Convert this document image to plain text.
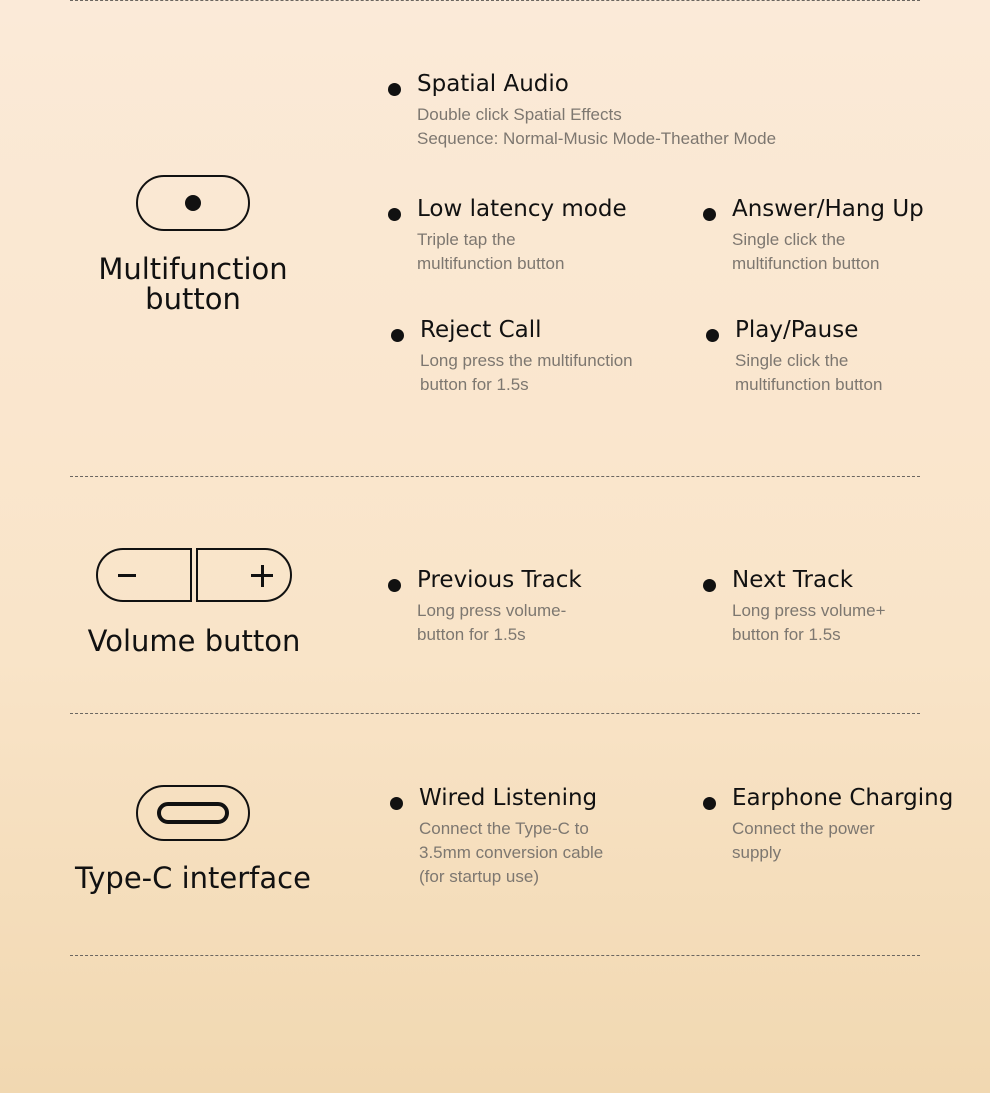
Multifunction
button
Spatial Audio
Double click Spatial Effects
Sequence: Normal-Music Mode-Theather Mode
Low latency mode
Triple tap the
multifunction button
Answer/Hang Up
Single click the
multifunction button
Reject Call
Long press the multifunction
button for 1.5s
Play/Pause
Single click the
multifunction button
Volume button
Previous Track
Long press volume-
button for 1.5s
Next Track
Long press volume+
button for 1.5s
Type-C interface
Wired Listening
Connect the Type-C to
3.5mm conversion cable
(for startup use)
Earphone Charging
Connect the power
supply
